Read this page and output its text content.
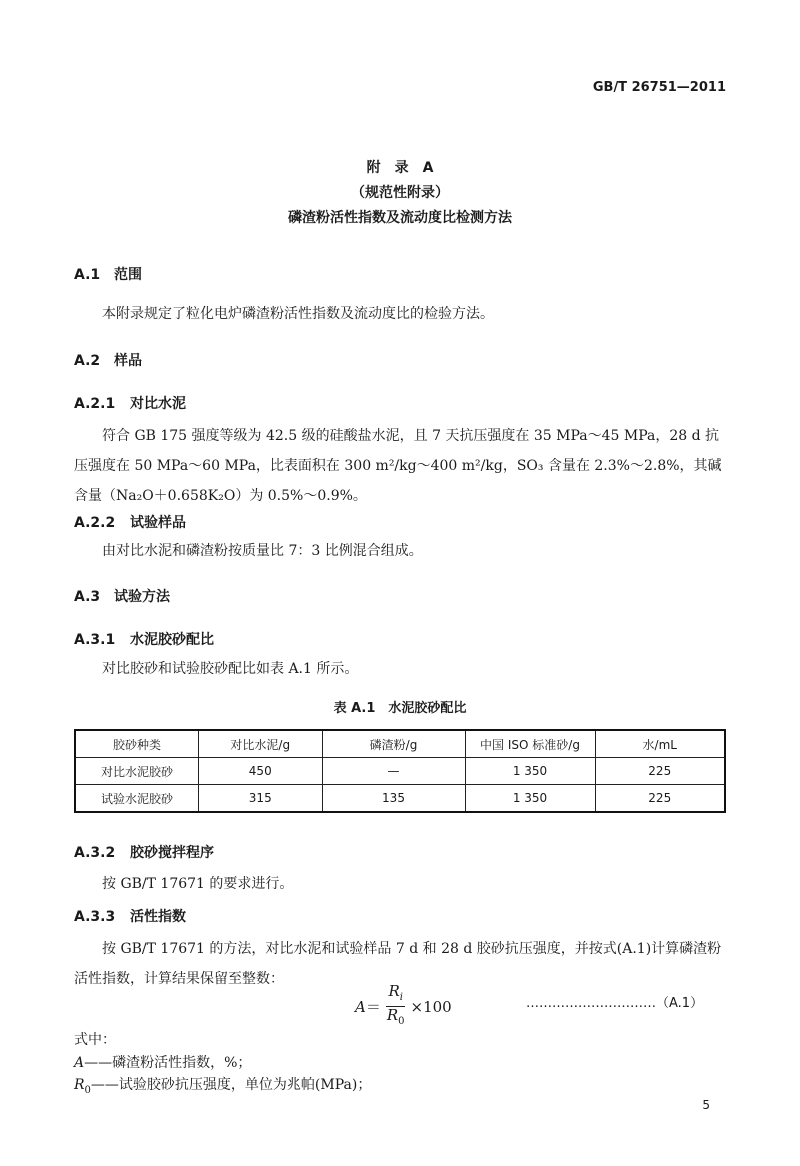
GB/T 26751—2011
附　录　A
（规范性附录）
磷渣粉活性指数及流动度比检测方法
A.1 范围
本附录规定了粒化电炉磷渣粉活性指数及流动度比的检验方法。
A.2 样品
A.2.1 对比水泥
符合 GB 175 强度等级为 42.5 级的硅酸盐水泥，且 7 天抗压强度在 35 MPa～45 MPa，28 d 抗压强度在 50 MPa～60 MPa，比表面积在 300 m²/kg～400 m²/kg，SO₃ 含量在 2.3%～2.8%，其碱含量（Na₂O＋0.658K₂O）为 0.5%～0.9%。
A.2.2 试验样品
由对比水泥和磷渣粉按质量比 7：3 比例混合组成。
A.3 试验方法
A.3.1 水泥胶砂配比
对比胶砂和试验胶砂配比如表 A.1 所示。
表 A.1　水泥胶砂配比
胶砂种类	对比水泥/g	磷渣粉/g	中国 ISO 标准砂/g	水/mL
对比水泥胶砂	450	—	1 350	225
试验水泥胶砂	315	135	1 350	225
A.3.2 胶砂搅拌程序
按 GB/T 17671 的要求进行。
A.3.3 活性指数
按 GB/T 17671 的方法，对比水泥和试验样品 7 d 和 28 d 胶砂抗压强度，并按式(A.1)计算磷渣粉活性指数，计算结果保留至整数：
$A = \frac{R_i}{R_0} \times 100$	…………………………（A.1）
式中：
A——磷渣粉活性指数，%；
$R_0——$试验胶砂抗压强度，单位为兆帕(MPa)；
5
